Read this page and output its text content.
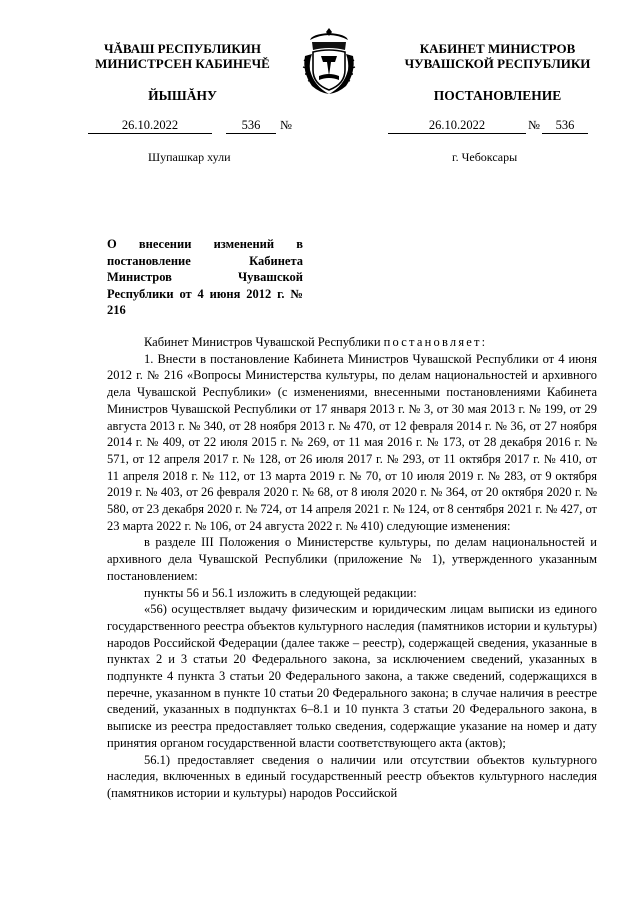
ЧĂВАШ РЕСПУБЛИКИН
МИНИСТРСЕН КАБИНЕЧĚ
ЙЫШĂНУ
КАБИНЕТ МИНИСТРОВ
ЧУВАШСКОЙ РЕСПУБЛИКИ
ПОСТАНОВЛЕНИЕ
26.10.2022	536	№	26.10.2022	№	536
Шупашкар хули	г. Чебоксары
О внесении изменений в постановление Кабинета Министров Чувашской Республики от 4 июня 2012 г. № 216

Кабинет Министров Чувашской Республики постановляет:

1. Внести в постановление Кабинета Министров Чувашской Республики от 4 июня 2012 г. № 216 «Вопросы Министерства культуры, по делам национальностей и архивного дела Чувашской Республики» (с изменениями, внесенными постановлениями Кабинета Министров Чувашской Республики от 17 января 2013 г. № 3, от 30 мая 2013 г. № 199, от 29 августа 2013 г. № 340, от 28 ноября 2013 г. № 470, от 12 февраля 2014 г. № 36, от 27 ноября 2014 г. № 409, от 22 июля 2015 г. № 269, от 11 мая 2016 г. № 173, от 28 декабря 2016 г. № 571, от 12 апреля 2017 г. № 128, от 26 июля 2017 г. № 293, от 11 октября 2017 г. № 410, от 11 апреля 2018 г. № 112, от 13 марта 2019 г. № 70, от 10 июля 2019 г. № 283, от 9 октября 2019 г. № 403, от 26 февраля 2020 г. № 68, от 8 июля 2020 г. № 364, от 20 октября 2020 г. № 580, от 23 декабря 2020 г. № 724, от 14 апреля 2021 г. № 124, от 8 сентября 2021 г. № 427, от 23 марта 2022 г. № 106, от 24 августа 2022 г. № 410) следующие изменения:

в разделе III Положения о Министерстве культуры, по делам национальностей и архивного дела Чувашской Республики (приложение № 1), утвержденного указанным постановлением:

пункты 56 и 56.1 изложить в следующей редакции:

«56) осуществляет выдачу физическим и юридическим лицам выписки из единого государственного реестра объектов культурного наследия (памятников истории и культуры) народов Российской Федерации (далее также – реестр), содержащей сведения, указанные в пунктах 2 и 3 статьи 20 Федерального закона, за исключением сведений, указанных в подпункте 4 пункта 3 статьи 20 Федерального закона, а также сведений, содержащихся в перечне, указанном в пункте 10 статьи 20 Федерального закона; в случае наличия в реестре сведений, указанных в подпунктах 6–8.1 и 10 пункта 3 статьи 20 Федерального закона, в выписке из реестра предоставляет только сведения, содержащие указание на номер и дату принятия органом государственной власти соответствующего акта (актов);

56.1) предоставляет сведения о наличии или отсутствии объектов культурного наследия, включенных в единый государственный реестр объектов культурного наследия (памятников истории и культуры) народов Российской
